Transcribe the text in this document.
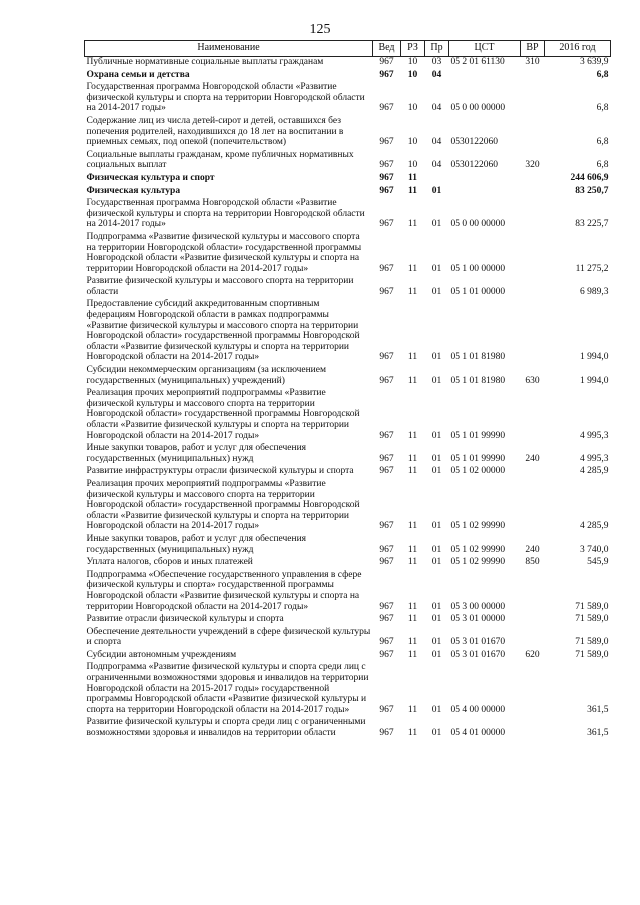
125
Наименование	Вед	РЗ	Пр	ЦСТ	ВР	2016 год
Публичные нормативные социальные выплаты гражданам	967	10	03	05 2 01 61130	310	3 639,9
Охрана семьи и детства	967	10	04			6,8
Государственная программа Новгородской области «Развитие физической культуры и спорта на территории Новгородской области на 2014-2017 годы»	967	10	04	05 0 00 00000		6,8
Содержание лиц из числа детей-сирот и детей, оставшихся без попечения родителей, находившихся до 18 лет на воспитании в приемных семьях, под опекой (попечительством)	967	10	04	0530122060		6,8
Социальные выплаты гражданам, кроме публичных нормативных социальных выплат	967	10	04	0530122060	320	6,8
Физическая культура и спорт	967	11				244 606,9
Физическая культура	967	11	01			83 250,7
Государственная программа Новгородской области «Развитие физической культуры и спорта на территории Новгородской области на 2014-2017 годы»	967	11	01	05 0 00 00000		83 225,7
Подпрограмма «Развитие физической культуры и массового спорта на территории Новгородской области» государственной программы Новгородской области «Развитие физической культуры и спорта на территории Новгородской области на 2014-2017 годы»	967	11	01	05 1 00 00000		11 275,2
Развитие физической культуры и массового спорта на территории области	967	11	01	05 1 01 00000		6 989,3
Предоставление субсидий аккредитованным спортивным федерациям Новгородской области в рамках подпрограммы «Развитие физической культуры и массового спорта на территории Новгородской области» государственной программы Новгородской области «Развитие физической культуры и спорта на территории Новгородской области на 2014-2017 годы»	967	11	01	05 1 01 81980		1 994,0
Субсидии некоммерческим организациям (за исключением государственных (муниципальных) учреждений)	967	11	01	05 1 01 81980	630	1 994,0
Реализация прочих мероприятий подпрограммы «Развитие физической культуры и массового спорта на территории Новгородской области» государственной программы Новгородской области «Развитие физической культуры и спорта на территории Новгородской области на 2014-2017 годы»	967	11	01	05 1 01 99990		4 995,3
Иные закупки товаров, работ и услуг для обеспечения государственных (муниципальных) нужд	967	11	01	05 1 01 99990	240	4 995,3
Развитие инфраструктуры отрасли физической культуры и спорта	967	11	01	05 1 02 00000		4 285,9
Реализация прочих мероприятий подпрограммы «Развитие физической культуры и массового спорта на территории Новгородской области» государственной программы Новгородской области «Развитие физической культуры и спорта на территории Новгородской области на 2014-2017 годы»	967	11	01	05 1 02 99990		4 285,9
Иные закупки товаров, работ и услуг для обеспечения государственных (муниципальных) нужд	967	11	01	05 1 02 99990	240	3 740,0
Уплата налогов, сборов и иных платежей	967	11	01	05 1 02 99990	850	545,9
Подпрограмма «Обеспечение государственного управления в сфере физической культуры и спорта» государственной программы Новгородской области «Развитие физической культуры и спорта на территории Новгородской области на 2014-2017 годы»	967	11	01	05 3 00 00000		71 589,0
Развитие отрасли физической культуры и спорта	967	11	01	05 3 01 00000		71 589,0
Обеспечение деятельности учреждений в сфере физической культуры и спорта	967	11	01	05 3 01 01670		71 589,0
Субсидии автономным учреждениям	967	11	01	05 3 01 01670	620	71 589,0
Подпрограмма «Развитие физической культуры и спорта среди лиц с ограниченными возможностями здоровья и инвалидов на территории Новгородской области на 2015-2017 годы» государственной программы Новгородской области «Развитие физической культуры и спорта на территории Новгородской области на 2014-2017 годы»	967	11	01	05 4 00 00000		361,5
Развитие физической культуры и спорта среди лиц с ограниченными возможностями здоровья и инвалидов на территории области	967	11	01	05 4 01 00000		361,5
